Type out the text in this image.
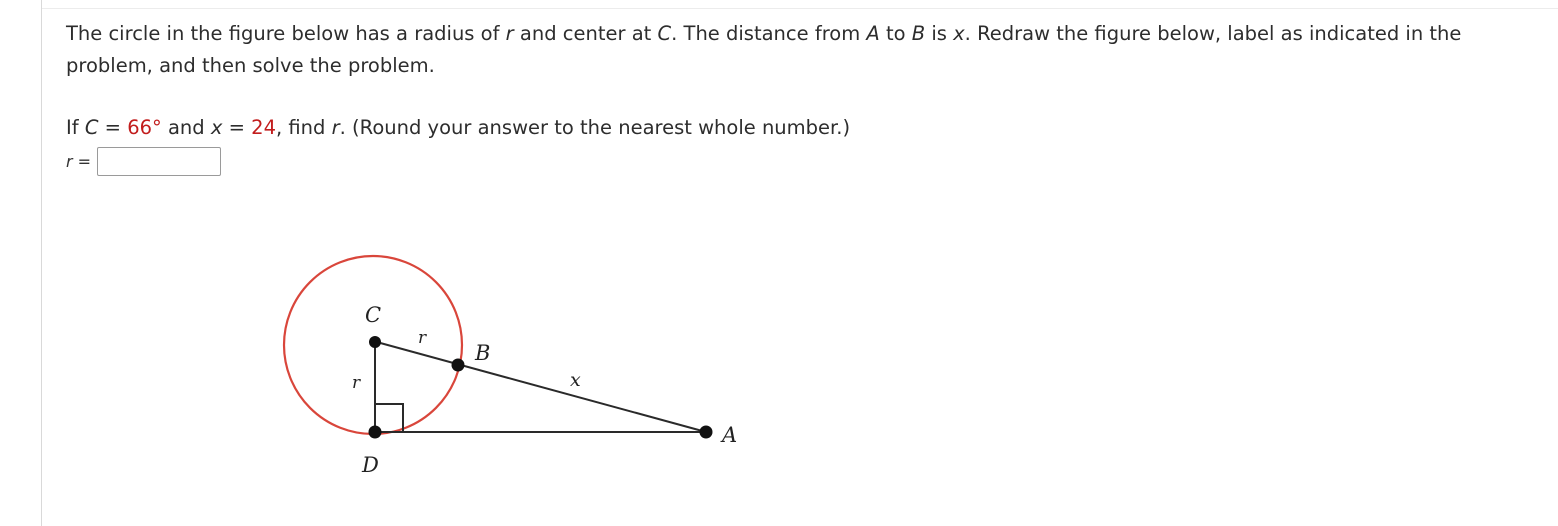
The circle in the figure below has a radius of r and center at C. The distance from A to B is x. Redraw the figure below, label as indicated in the problem, and then solve the problem.

If C = 66° and x = 24, find r. (Round your answer to the nearest whole number.)

r =
C
r
B
x
r
A
D
